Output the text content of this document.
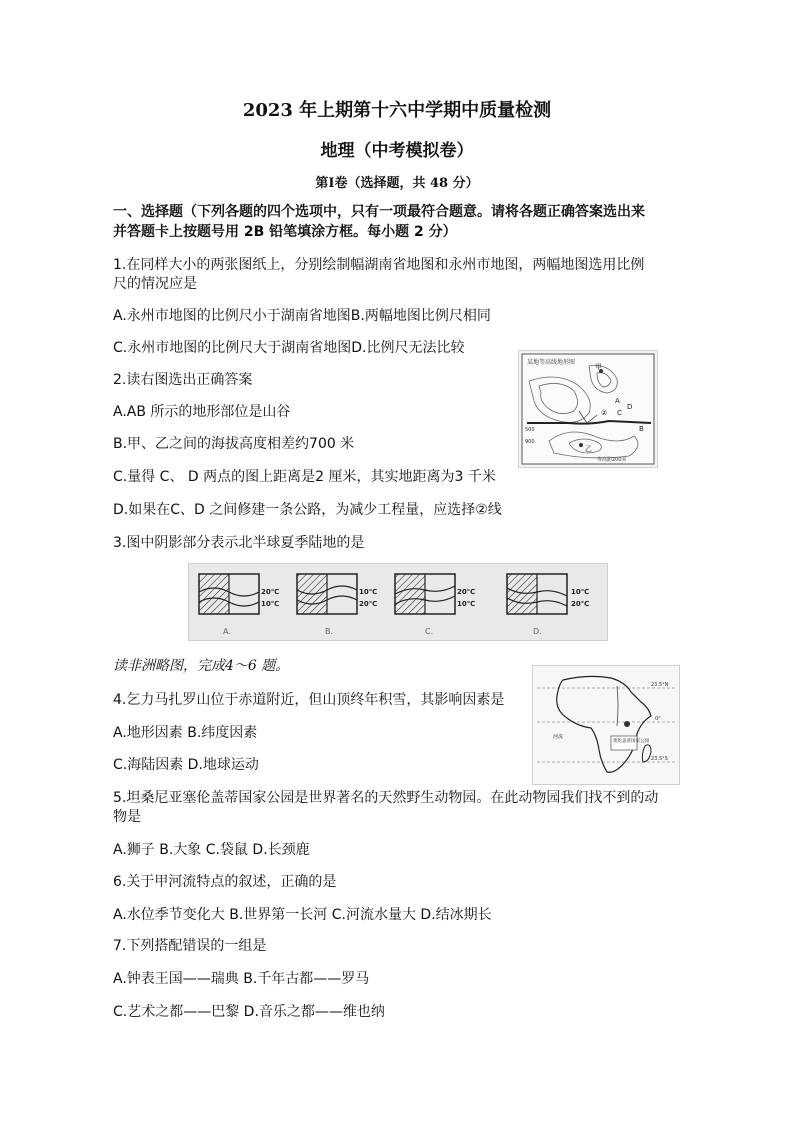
2023 年上期第十六中学期中质量检测
地理（中考模拟卷）
第Ⅰ卷（选择题，共 48 分）
一、选择题（下列各题的四个选项中，只有一项最符合题意。请将各题正确答案选出来
并答题卡上按题号用 2B 铅笔填涂方框。每小题 2 分）
1.在同样大小的两张图纸上，分别绘制幅湖南省地图和永州市地图，两幅地图选用比例
尺的情况应是
A.永州市地图的比例尺小于湖南省地图B.两幅地图比例尺相同
C.永州市地图的比例尺大于湖南省地图D.比例尺无法比较
2.读右图选出正确答案
A.AB 所示的地形部位是山谷
B.甲、乙之间的海拔高度相差约700 米
C.量得 C、 D 两点的图上距离是2 厘米，其实地距离为3 千米
D.如果在C、D 之间修建一条公路，为减少工程量，应选择②线
某地等高线地形图
甲
乙
A
B
C
D
②
500
900
等高距200米
3.图中阴影部分表示北半球夏季陆地的是
20℃
10℃
A.
10℃
20℃
B.
20℃
10℃
C.
10℃
20℃
D.
读非洲略图，完成4～6 题。
4.乞力马扎罗山位于赤道附近，但山顶终年积雪，其影响因素是
A.地形因素 B.纬度因素
C.海陆因素 D.地球运动
塞伦盖蒂国家公园
河流
23.5°N
0°
23.5°S
5.坦桑尼亚塞伦盖蒂国家公园是世界著名的天然野生动物园。在此动物园我们找不到的动
物是
A.狮子 B.大象 C.袋鼠 D.长颈鹿
6.关于甲河流特点的叙述，正确的是
A.水位季节变化大 B.世界第一长河 C.河流水量大 D.结冰期长
7.下列搭配错误的一组是
A.钟表王国——瑞典 B.千年古都——罗马
C.艺术之都——巴黎 D.音乐之都——维也纳
